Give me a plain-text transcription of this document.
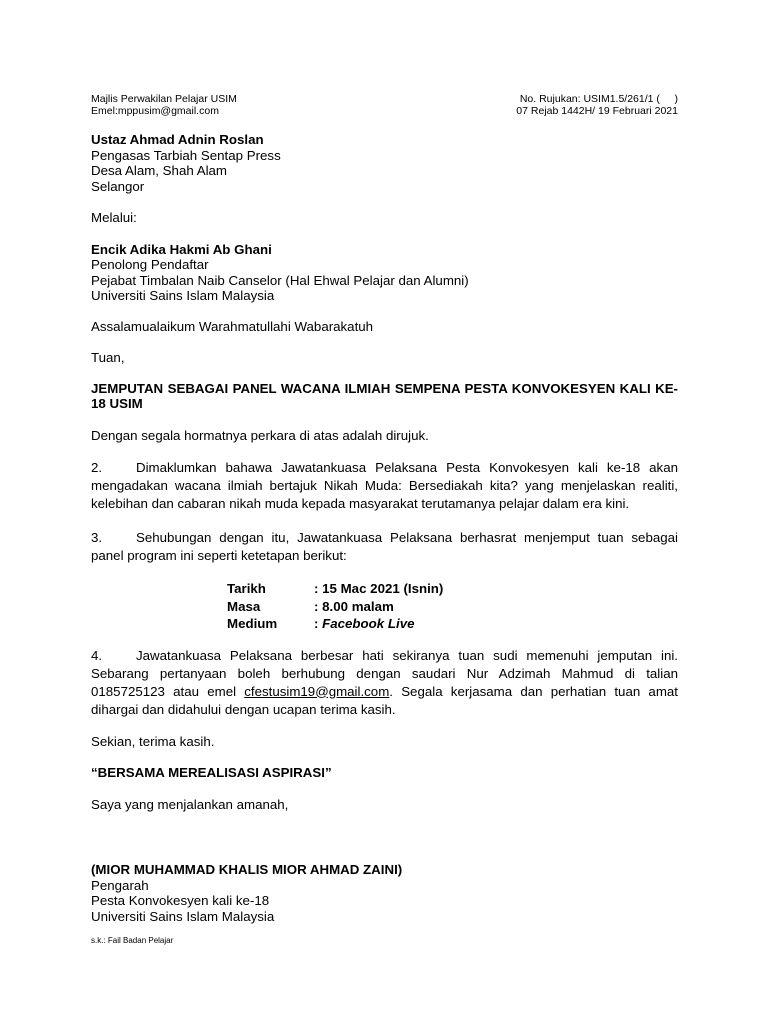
Majlis Perwakilan Pelajar USIM
Emel:mppusim@gmail.com
No. Rujukan: USIM1.5/261/1 (     )
07 Rejab 1442H/ 19 Februari 2021
Ustaz Ahmad Adnin Roslan
Pengasas Tarbiah Sentap Press
Desa Alam, Shah Alam
Selangor
Melalui:
Encik Adika Hakmi Ab Ghani
Penolong Pendaftar
Pejabat Timbalan Naib Canselor (Hal Ehwal Pelajar dan Alumni)
Universiti Sains Islam Malaysia
Assalamualaikum Warahmatullahi Wabarakatuh
Tuan,
JEMPUTAN SEBAGAI PANEL WACANA ILMIAH SEMPENA PESTA KONVOKESYEN KALI KE-18 USIM
Dengan segala hormatnya perkara di atas adalah dirujuk.

2.	Dimaklumkan bahawa Jawatankuasa Pelaksana Pesta Konvokesyen kali ke-18 akan mengadakan wacana ilmiah bertajuk Nikah Muda: Bersediakah kita? yang menjelaskan realiti, kelebihan dan cabaran nikah muda kepada masyarakat terutamanya pelajar dalam era kini.

3.	Sehubungan dengan itu, Jawatankuasa Pelaksana berhasrat menjemput tuan sebagai panel program ini seperti ketetapan berikut:

Tarikh	: 15 Mac 2021 (Isnin)
Masa	: 8.00 malam
Medium	: Facebook Live

4.	Jawatankuasa Pelaksana berbesar hati sekiranya tuan sudi memenuhi jemputan ini. Sebarang pertanyaan boleh berhubung dengan saudari Nur Adzimah Mahmud di talian 0185725123 atau emel cfestusim19@gmail.com. Segala kerjasama dan perhatian tuan amat dihargai dan didahului dengan ucapan terima kasih.

Sekian, terima kasih.
“BERSAMA MEREALISASI ASPIRASI”
Saya yang menjalankan amanah,
(MIOR MUHAMMAD KHALIS MIOR AHMAD ZAINI)
Pengarah
Pesta Konvokesyen kali ke-18
Universiti Sains Islam Malaysia
s.k.: Fail Badan Pelajar
